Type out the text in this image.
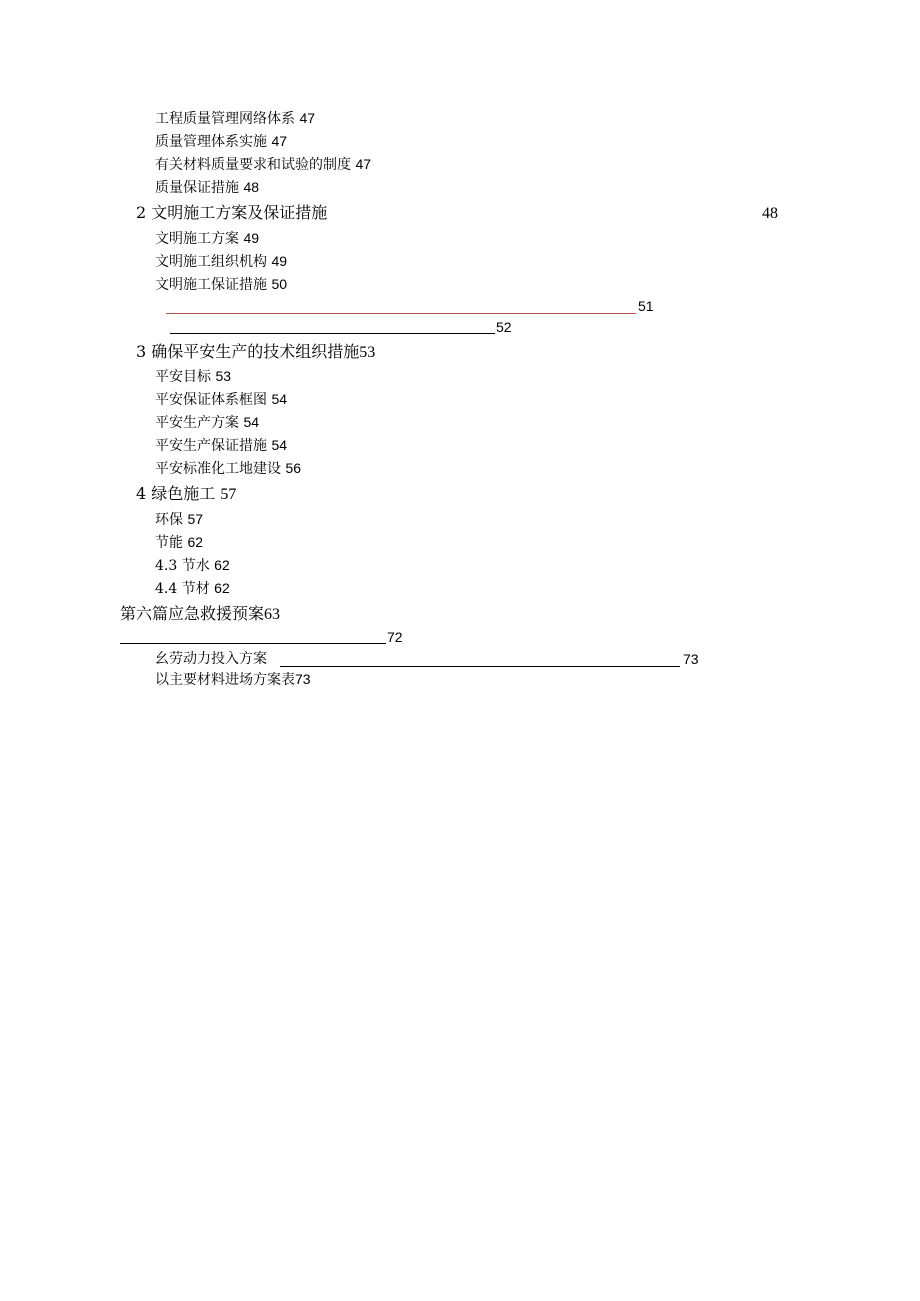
工程质量管理网络体系 47
质量管理体系实施 47
有关材料质量要求和试验的制度 47
质量保证措施 48
2 文明施工方案及保证措施	48
文明施工方案 49
文明施工组织机构 49
文明施工保证措施 50
51
52
3 确保平安生产的技术组织措施53
平安目标 53
平安保证体系框图 54
平安生产方案 54
平安生产保证措施 54
平安标准化工地建设 56
4 绿色施工 57
环保 57
节能 62
4.3 节水 62
4.4 节材 62
第六篇应急救援预案63
72
幺劳动力投入方案	73
以主要材料进场方案表73
